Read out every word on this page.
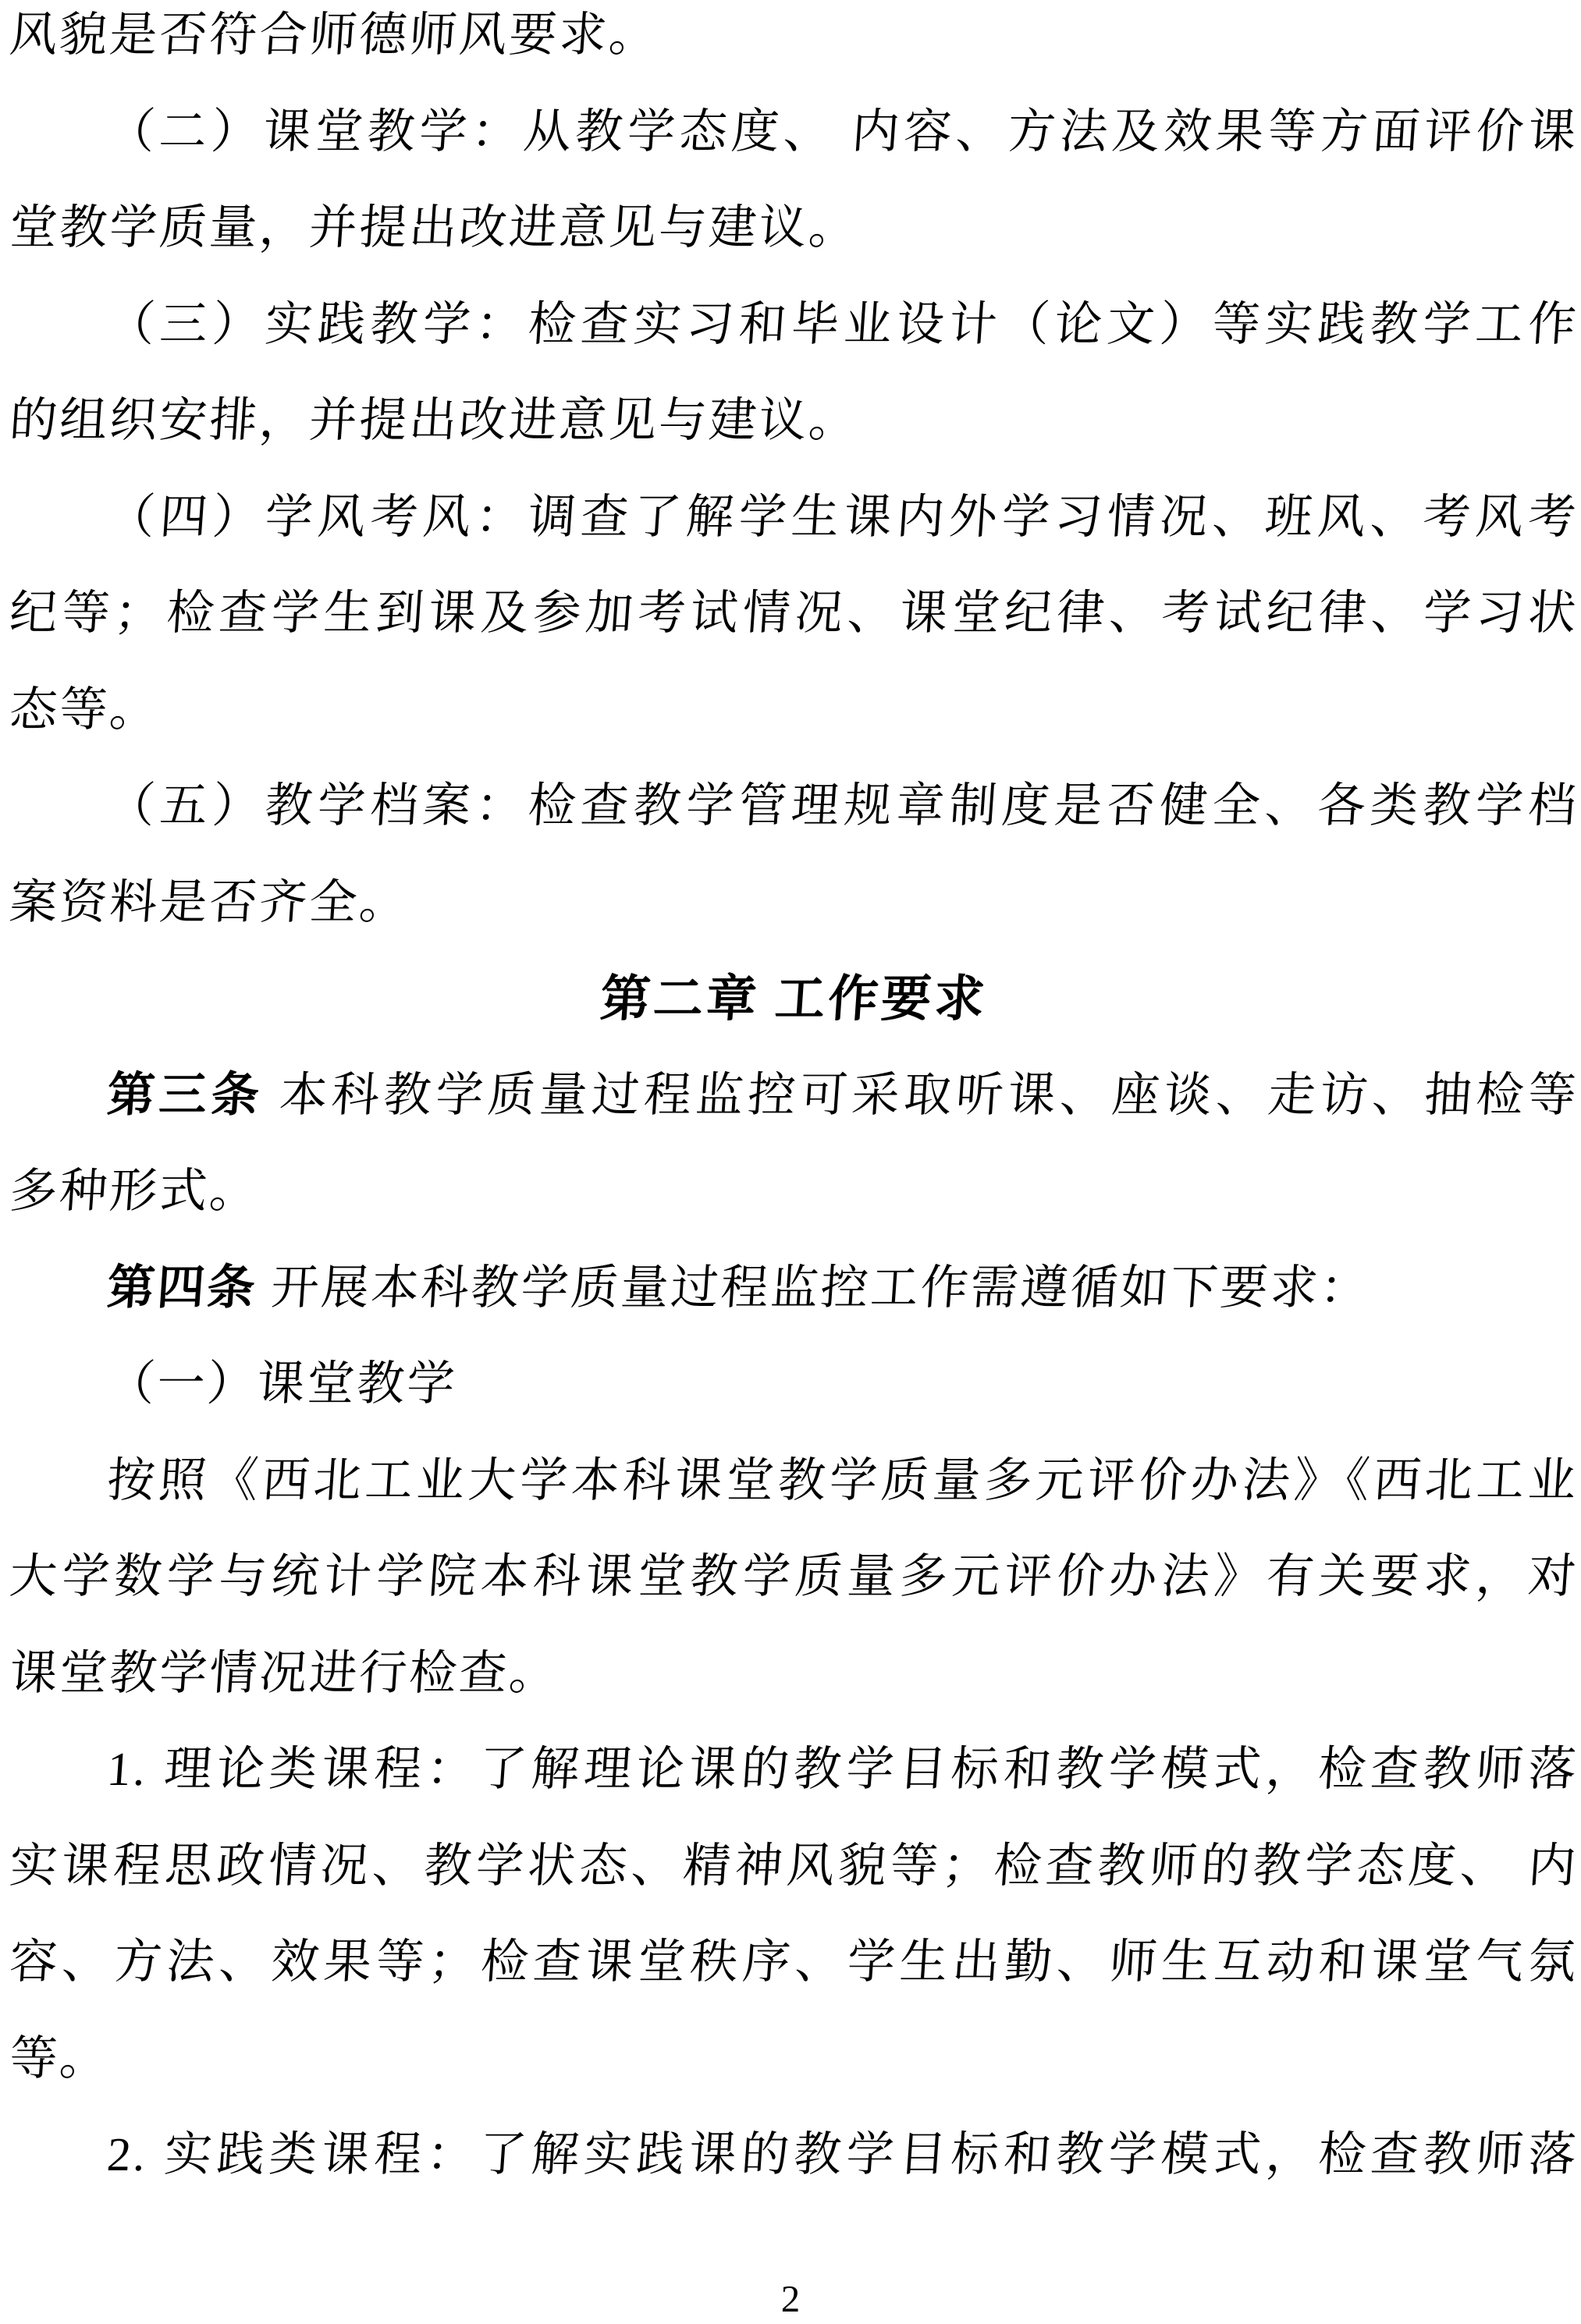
风貌是否符合师德师风要求。
（二）课堂教学：从教学态度、 内容、方法及效果等方面评价课
堂教学质量，并提出改进意见与建议。
（三）实践教学：检查实习和毕业设计（论文）等实践教学工作
的组织安排，并提出改进意见与建议。
（四）学风考风：调查了解学生课内外学习情况、班风、考风考
纪等；检查学生到课及参加考试情况、课堂纪律、考试纪律、学习状
态等。
（五）教学档案：检查教学管理规章制度是否健全、各类教学档
案资料是否齐全。
第二章 工作要求
第三条 本科教学质量过程监控可采取听课、座谈、走访、抽检等
多种形式。
第四条 开展本科教学质量过程监控工作需遵循如下要求：
（一）课堂教学
按照《西北工业大学本科课堂教学质量多元评价办法》《西北工业
大学数学与统计学院本科课堂教学质量多元评价办法》有关要求，对
课堂教学情况进行检查。
1. 理论类课程：了解理论课的教学目标和教学模式，检查教师落
实课程思政情况、教学状态、精神风貌等；检查教师的教学态度、 内
容、方法、效果等；检查课堂秩序、学生出勤、师生互动和课堂气氛
等。
2. 实践类课程：了解实践课的教学目标和教学模式，检查教师落
2
